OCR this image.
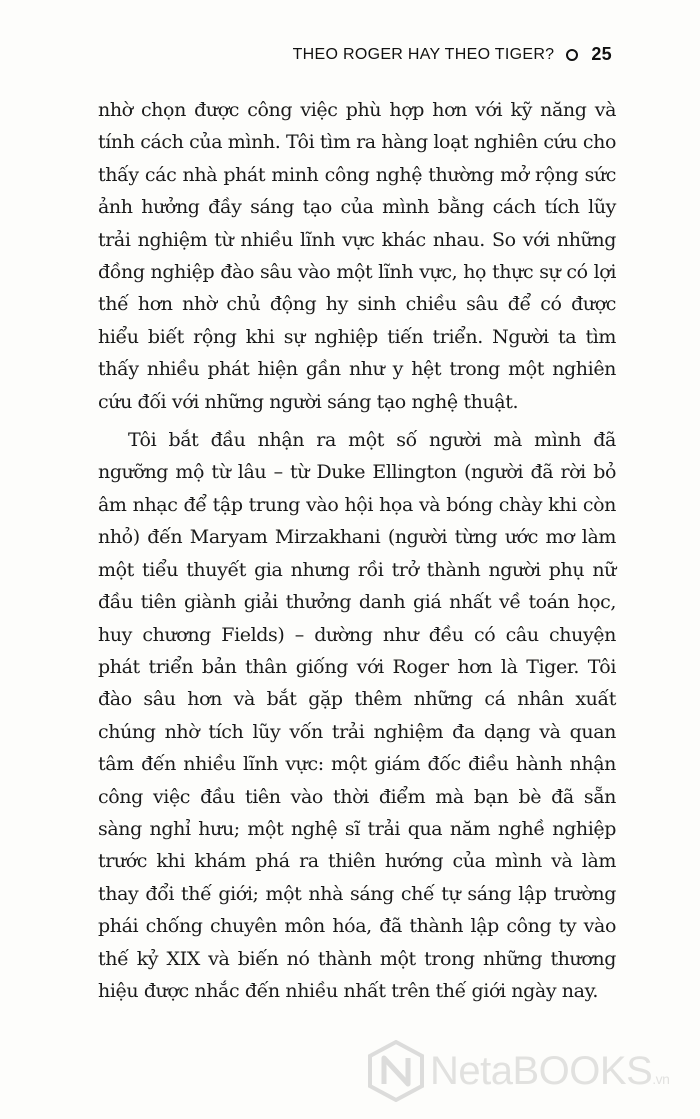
THEO ROGER HAY THEO TIGER? 25

nhờ chọn được công việc phù hợp hơn với kỹ năng và tính cách của mình. Tôi tìm ra hàng loạt nghiên cứu cho thấy các nhà phát minh công nghệ thường mở rộng sức ảnh hưởng đầy sáng tạo của mình bằng cách tích lũy trải nghiệm từ nhiều lĩnh vực khác nhau. So với những đồng nghiệp đào sâu vào một lĩnh vực, họ thực sự có lợi thế hơn nhờ chủ động hy sinh chiều sâu để có được hiểu biết rộng khi sự nghiệp tiến triển. Người ta tìm thấy nhiều phát hiện gần như y hệt trong một nghiên cứu đối với những người sáng tạo nghệ thuật.

Tôi bắt đầu nhận ra một số người mà mình đã ngưỡng mộ từ lâu – từ Duke Ellington (người đã rời bỏ âm nhạc để tập trung vào hội họa và bóng chày khi còn nhỏ) đến Maryam Mirzakhani (người từng ước mơ làm một tiểu thuyết gia nhưng rồi trở thành người phụ nữ đầu tiên giành giải thưởng danh giá nhất về toán học, huy chương Fields) – dường như đều có câu chuyện phát triển bản thân giống với Roger hơn là Tiger. Tôi đào sâu hơn và bắt gặp thêm những cá nhân xuất chúng nhờ tích lũy vốn trải nghiệm đa dạng và quan tâm đến nhiều lĩnh vực: một giám đốc điều hành nhận công việc đầu tiên vào thời điểm mà bạn bè đã sẵn sàng nghỉ hưu; một nghệ sĩ trải qua năm nghề nghiệp trước khi khám phá ra thiên hướng của mình và làm thay đổi thế giới; một nhà sáng chế tự sáng lập trường phái chống chuyên môn hóa, đã thành lập công ty vào thế kỷ XIX và biến nó thành một trong những thương hiệu được nhắc đến nhiều nhất trên thế giới ngày nay.

NetaBOOKS.vn
